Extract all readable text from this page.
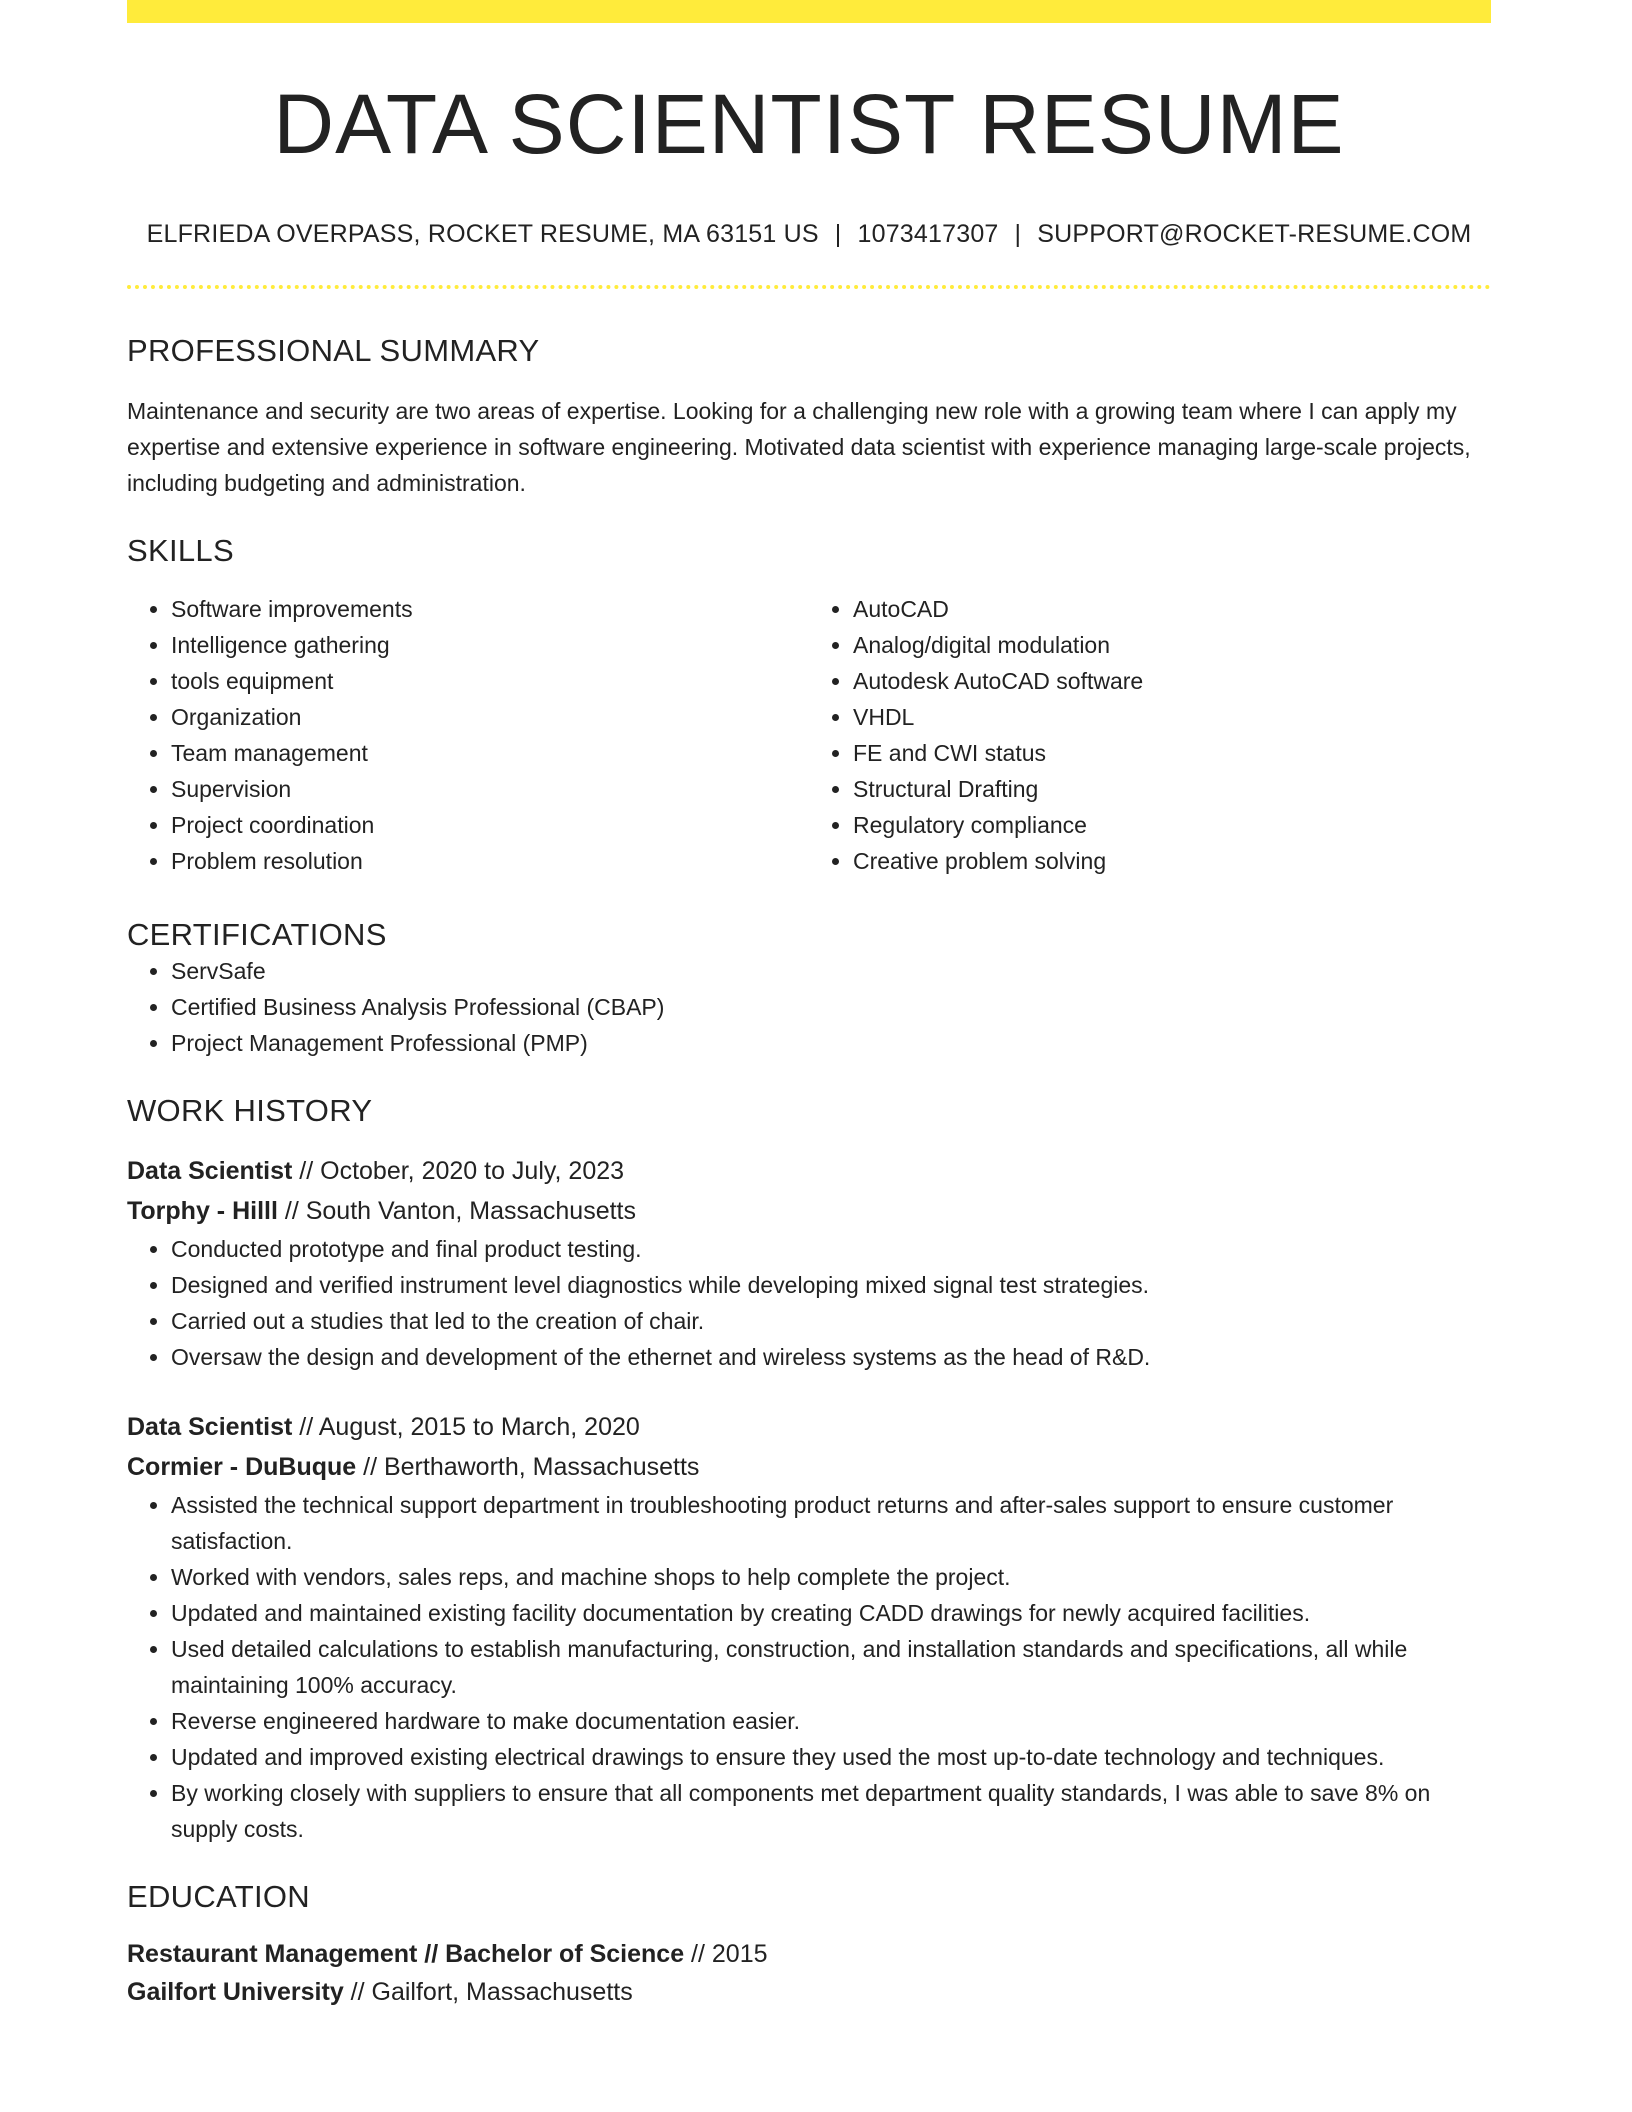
DATA SCIENTIST RESUME
ELFRIEDA OVERPASS, ROCKET RESUME, MA 63151 US | 1073417307 | SUPPORT@ROCKET-RESUME.COM
PROFESSIONAL SUMMARY
Maintenance and security are two areas of expertise. Looking for a challenging new role with a growing team where I can apply my expertise and extensive experience in software engineering. Motivated data scientist with experience managing large-scale projects, including budgeting and administration.
SKILLS
• Software improvements
• Intelligence gathering
• tools equipment
• Organization
• Team management
• Supervision
• Project coordination
• Problem resolution
• AutoCAD
• Analog/digital modulation
• Autodesk AutoCAD software
• VHDL
• FE and CWI status
• Structural Drafting
• Regulatory compliance
• Creative problem solving
CERTIFICATIONS
• ServSafe
• Certified Business Analysis Professional (CBAP)
• Project Management Professional (PMP)
WORK HISTORY
Data Scientist // October, 2020 to July, 2023
Torphy - Hilll // South Vanton, Massachusetts
• Conducted prototype and final product testing.
• Designed and verified instrument level diagnostics while developing mixed signal test strategies.
• Carried out a studies that led to the creation of chair.
• Oversaw the design and development of the ethernet and wireless systems as the head of R&D.
Data Scientist // August, 2015 to March, 2020
Cormier - DuBuque // Berthaworth, Massachusetts
• Assisted the technical support department in troubleshooting product returns and after-sales support to ensure customer satisfaction.
• Worked with vendors, sales reps, and machine shops to help complete the project.
• Updated and maintained existing facility documentation by creating CADD drawings for newly acquired facilities.
• Used detailed calculations to establish manufacturing, construction, and installation standards and specifications, all while maintaining 100% accuracy.
• Reverse engineered hardware to make documentation easier.
• Updated and improved existing electrical drawings to ensure they used the most up-to-date technology and techniques.
• By working closely with suppliers to ensure that all components met department quality standards, I was able to save 8% on supply costs.
EDUCATION
Restaurant Management // Bachelor of Science // 2015
Gailfort University // Gailfort, Massachusetts
